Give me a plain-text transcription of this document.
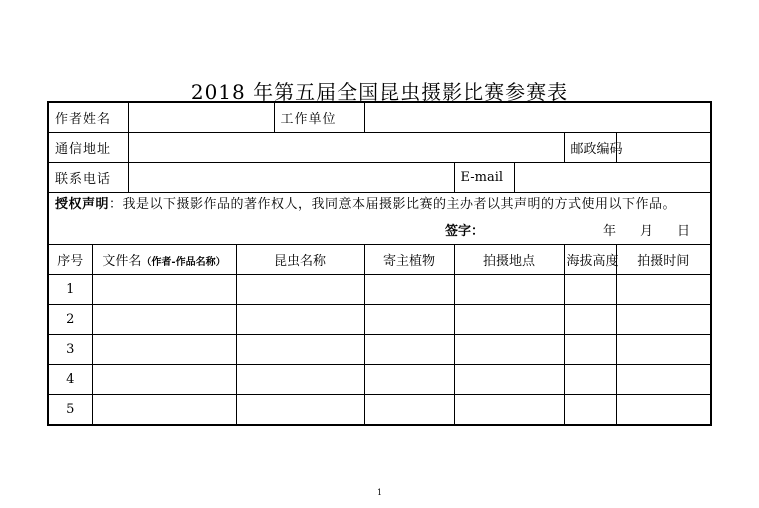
2018 年第五届全国昆虫摄影比赛参赛表
作者姓名				工作单位					
通信地址								邮政编码	
联系电话						E-mail			

授权声明：我是以下摄影作品的著作权人，我同意本届摄影比赛的主办者以其声明的方式使用以下作品。
签字： 年 月 日									

序号	文件名（作者-作品名称）		昆虫名称		寄主植物	拍摄地点		海拔高度	拍摄时间
1									
2									
3									
4									
5									
1
